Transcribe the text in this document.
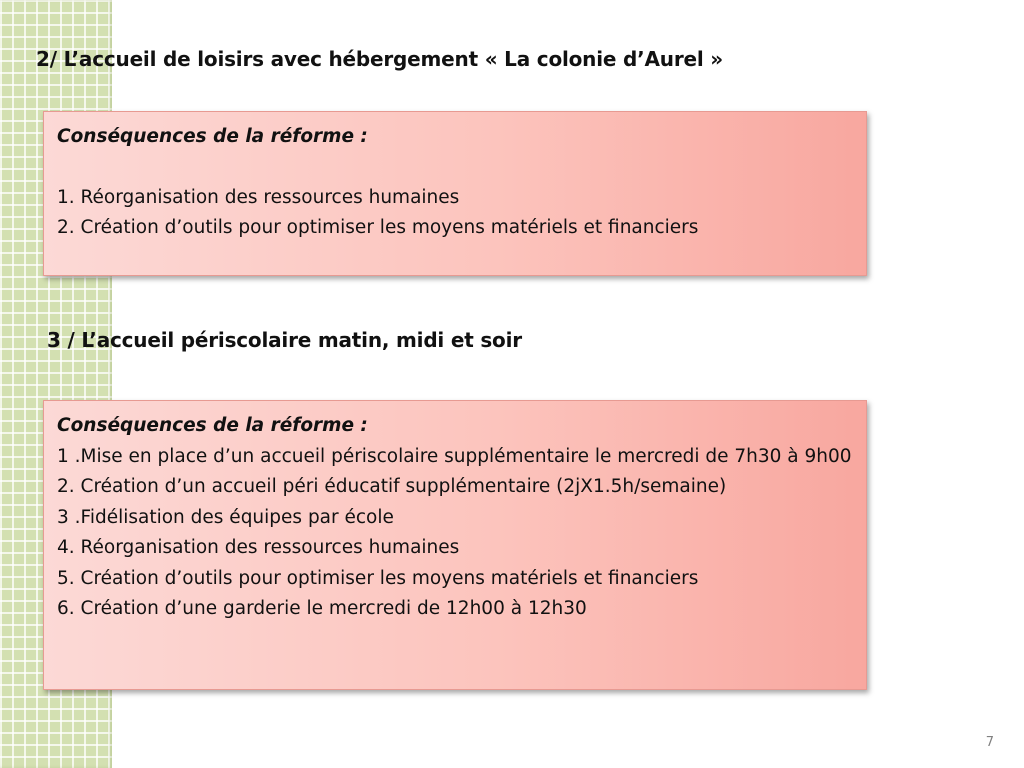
2/ L’accueil de loisirs avec hébergement « La colonie d’Aurel »

Conséquences de la réforme :

1. Réorganisation des ressources humaines

2. Création d’outils pour optimiser les moyens matériels et financiers

3 / L’accueil périscolaire matin, midi et soir

Conséquences de la réforme :

1 .Mise en place d’un accueil périscolaire supplémentaire le mercredi de 7h30 à 9h00

2. Création d’un accueil péri éducatif supplémentaire (2jX1.5h/semaine)

3 .Fidélisation des équipes par école

4. Réorganisation des ressources humaines

5. Création d’outils pour optimiser les moyens matériels et financiers

6. Création d’une garderie le mercredi de 12h00 à 12h30

7
